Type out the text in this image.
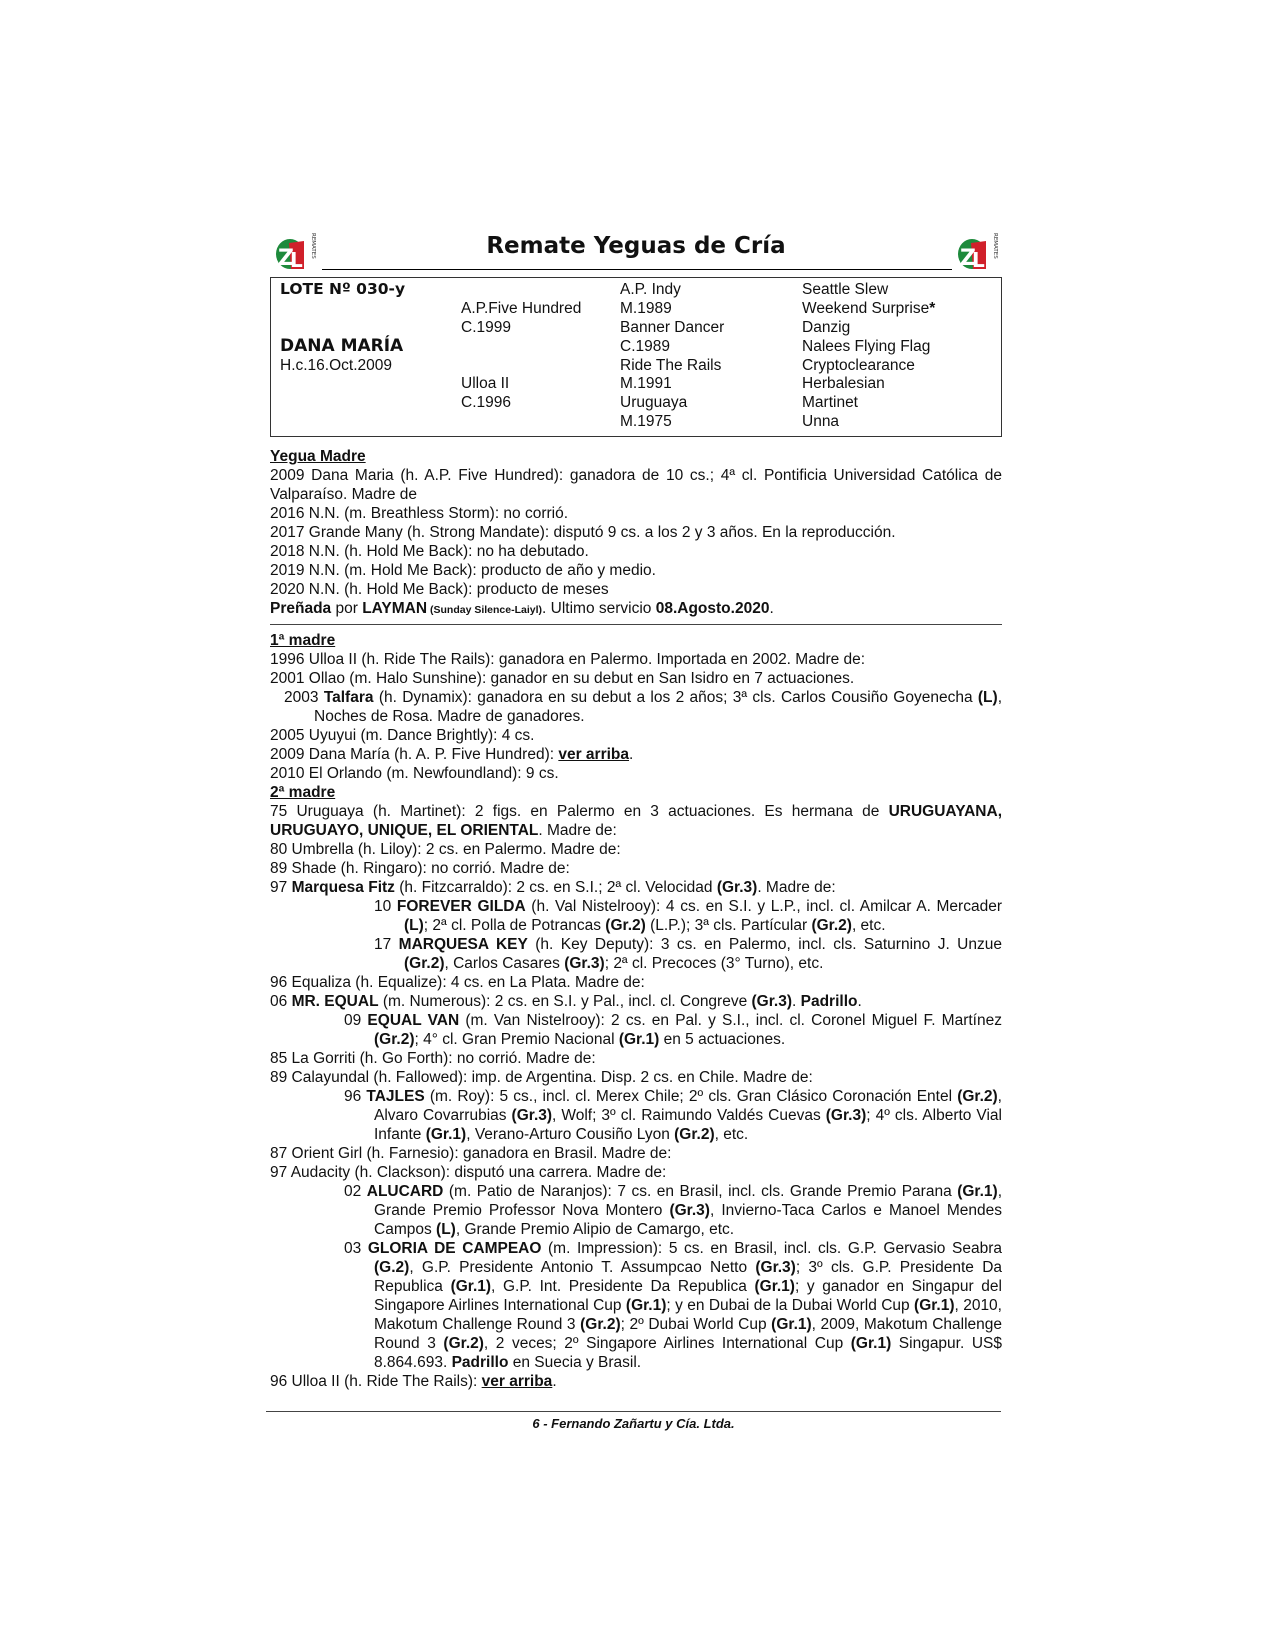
Z
L
REMATES	Remate Yeguas de Cría	Z
L
REMATES
LOTE Nº 030-y
DANA MARÍA
H.c.16.Oct.2009
A.P.Five Hundred
C.1999
Ulloa II
C.1996
A.P. Indy
M.1989
Banner Dancer
C.1989
Ride The Rails
M.1991
Uruguaya
M.1975
Seattle Slew
Weekend Surprise*
Danzig
Nalees Flying Flag
Cryptoclearance
Herbalesian
Martinet
Unna

Yegua Madre

2009 Dana Maria (h. A.P. Five Hundred): ganadora de 10 cs.; 4ª cl. Pontificia Universidad Católica de Valparaíso. Madre de

2016 N.N. (m. Breathless Storm): no corrió.

2017 Grande Many (h. Strong Mandate): disputó 9 cs. a los 2 y 3 años. En la reproducción.

2018 N.N. (h. Hold Me Back): no ha debutado.

2019 N.N. (m. Hold Me Back): producto de año y medio.

2020 N.N. (h. Hold Me Back): producto de meses

Preñada por LAYMAN (Sunday Silence-Laiyl). Ultimo servicio 08.Agosto.2020.

1ª madre

1996 Ulloa II (h. Ride The Rails): ganadora en Palermo. Importada en 2002. Madre de:

2001 Ollao (m. Halo Sunshine): ganador en su debut en San Isidro en 7 actuaciones.

2003 Talfara (h. Dynamix): ganadora en su debut a los 2 años; 3ª cls. Carlos Cousiño Goyenecha (L), Noches de Rosa. Madre de ganadores.

2005 Uyuyui (m. Dance Brightly): 4 cs.

2009 Dana María (h. A. P. Five Hundred): ver arriba.

2010 El Orlando (m. Newfoundland): 9 cs.

2ª madre

75 Uruguaya (h. Martinet): 2 figs. en Palermo en 3 actuaciones. Es hermana de URUGUAYANA, URUGUAYO, UNIQUE, EL ORIENTAL. Madre de:

80 Umbrella (h. Liloy): 2 cs. en Palermo. Madre de:

89 Shade (h. Ringaro): no corrió. Madre de:

97 Marquesa Fitz (h. Fitzcarraldo): 2 cs. en S.I.; 2ª cl. Velocidad (Gr.3). Madre de:

10 FOREVER GILDA (h. Val Nistelrooy): 4 cs. en S.I. y L.P., incl. cl. Amilcar A. Mercader (L); 2ª cl. Polla de Potrancas (Gr.2) (L.P.); 3ª cls. Partícular (Gr.2), etc.

17 MARQUESA KEY (h. Key Deputy): 3 cs. en Palermo, incl. cls. Saturnino J. Unzue (Gr.2), Carlos Casares (Gr.3); 2ª cl. Precoces (3° Turno), etc.

96 Equaliza (h. Equalize): 4 cs. en La Plata. Madre de:

06 MR. EQUAL (m. Numerous): 2 cs. en S.I. y Pal., incl. cl. Congreve (Gr.3). Padrillo.

09 EQUAL VAN (m. Van Nistelrooy): 2 cs. en Pal. y S.I., incl. cl. Coronel Miguel F. Martínez (Gr.2); 4° cl. Gran Premio Nacional (Gr.1) en 5 actuaciones.

85 La Gorriti (h. Go Forth): no corrió. Madre de:

89 Calayundal (h. Fallowed): imp. de Argentina. Disp. 2 cs. en Chile. Madre de:

96 TAJLES (m. Roy): 5 cs., incl. cl. Merex Chile; 2º cls. Gran Clásico Coronación Entel (Gr.2), Alvaro Covarrubias (Gr.3), Wolf; 3º cl. Raimundo Valdés Cuevas (Gr.3); 4º cls. Alberto Vial Infante (Gr.1), Verano-Arturo Cousiño Lyon (Gr.2), etc.

87 Orient Girl (h. Farnesio): ganadora en Brasil. Madre de:

97 Audacity (h. Clackson): disputó una carrera. Madre de:

02 ALUCARD (m. Patio de Naranjos): 7 cs. en Brasil, incl. cls. Grande Premio Parana (Gr.1), Grande Premio Professor Nova Montero (Gr.3), Invierno-Taca Carlos e Manoel Mendes Campos (L), Grande Premio Alipio de Camargo, etc.

03 GLORIA DE CAMPEAO (m. Impression): 5 cs. en Brasil, incl. cls. G.P. Gervasio Seabra (G.2), G.P. Presidente Antonio T. Assumpcao Netto (Gr.3); 3º cls. G.P. Presidente Da Republica (Gr.1), G.P. Int. Presidente Da Republica (Gr.1); y ganador en Singapur del Singapore Airlines International Cup (Gr.1); y en Dubai de la Dubai World Cup (Gr.1), 2010, Makotum Challenge Round 3 (Gr.2); 2º Dubai World Cup (Gr.1), 2009, Makotum Challenge Round 3 (Gr.2), 2 veces; 2º Singapore Airlines International Cup (Gr.1) Singapur. US$ 8.864.693. Padrillo en Suecia y Brasil.

96 Ulloa II (h. Ride The Rails): ver arriba.

6 - Fernando Zañartu y Cía. Ltda.
